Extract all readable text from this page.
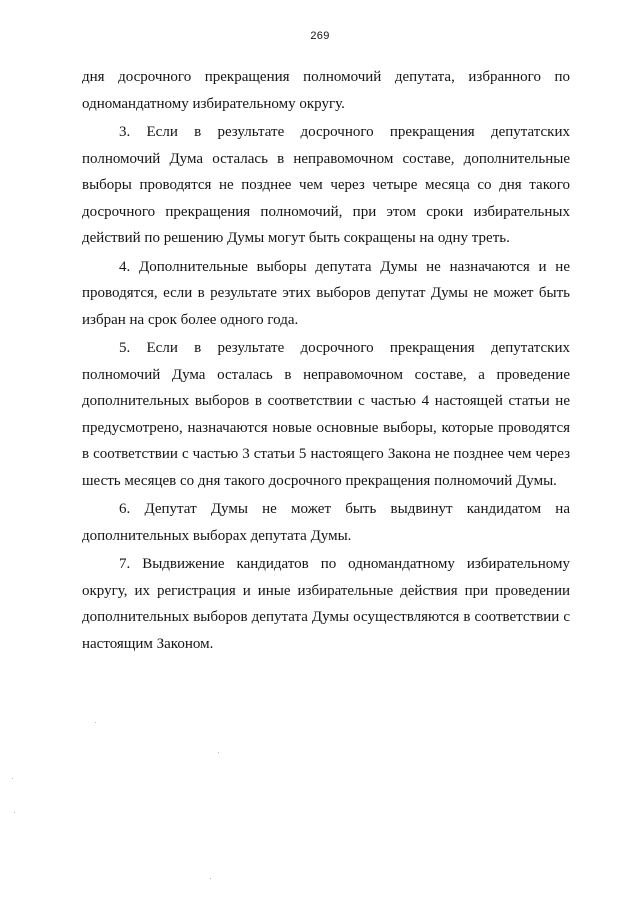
269

дня досрочного прекращения полномочий депутата, избранного по одномандатному избирательному округу.

3. Если в результате досрочного прекращения депутатских полномочий Дума осталась в неправомочном составе, дополнительные выборы проводятся не позднее чем через четыре месяца со дня такого досрочного прекращения полномочий, при этом сроки избирательных действий по решению Думы могут быть сокращены на одну треть.

4. Дополнительные выборы депутата Думы не назначаются и не проводятся, если в результате этих выборов депутат Думы не может быть избран на срок более одного года.

5. Если в результате досрочного прекращения депутатских полномочий Дума осталась в неправомочном составе, а проведение дополнительных выборов в соответствии с частью 4 настоящей статьи не предусмотрено, назначаются новые основные выборы, которые проводятся в соответствии с частью 3 статьи 5 настоящего Закона не позднее чем через шесть месяцев со дня такого досрочного прекращения полномочий Думы.

6. Депутат Думы не может быть выдвинут кандидатом на дополнительных выборах депутата Думы.

7. Выдвижение кандидатов по одномандатному избирательному округу, их регистрация и иные избирательные действия при проведении дополнительных выборов депутата Думы осуществляются в соответствии с настоящим Законом.
